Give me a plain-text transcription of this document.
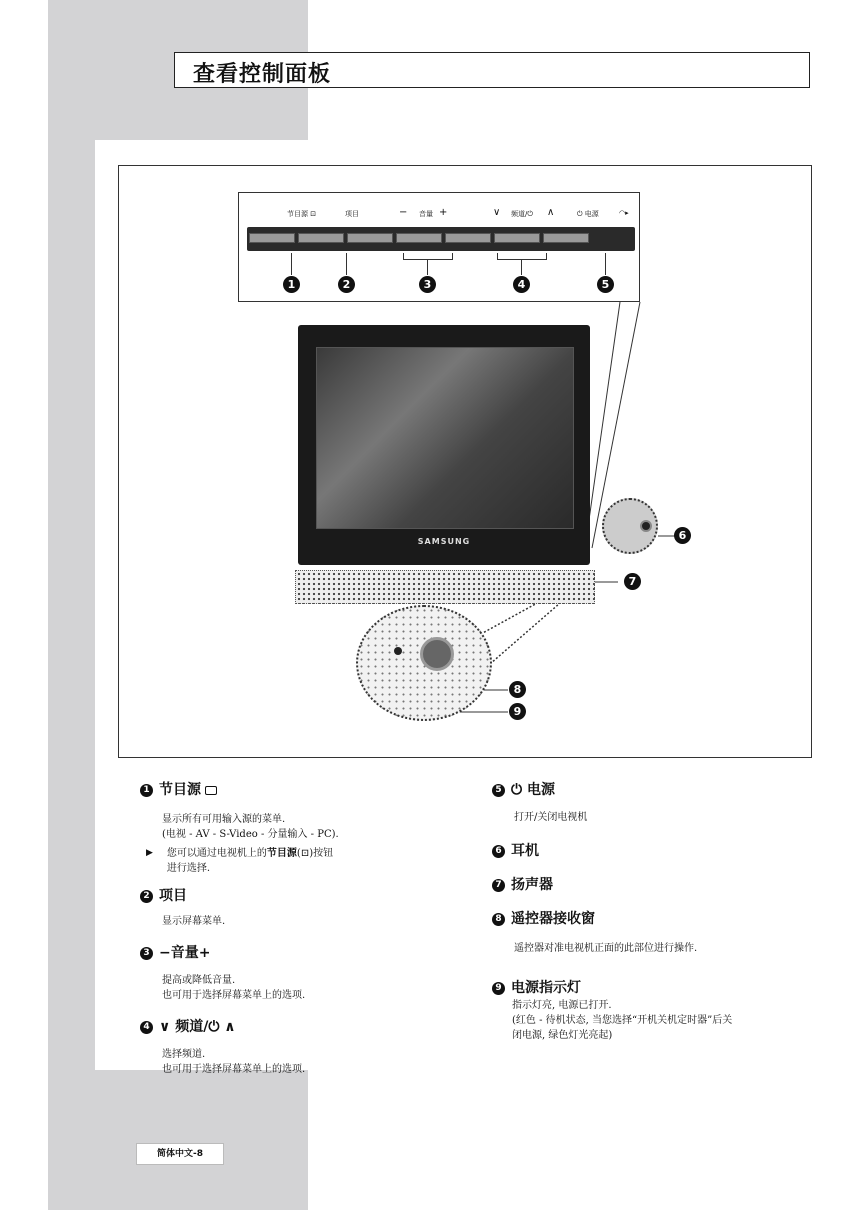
查看控制面板
节目源 ⊡	项目	− 音量 +	∨ 频道/⏻ ∧	⏻ 电源	◠▸
1	2	3	4	5
SAMSUNG	6
7
8
9
1 节目源

显示所有可用输入源的菜单.

(电视 - AV - S-Video - 分量输入 - PC).

▶ 您可以通过电视机上的节目源(⊡)按钮
进行选择.
2 项目

显示屏幕菜单.

3 −音量+

提高或降低音量.

也可用于选择屏幕菜单上的选项.

4 ∨ 频道/⏻ ∧

选择频道.

也可用于选择屏幕菜单上的选项.

5 ⏻ 电源

打开/关闭电视机

6 耳机
7 扬声器
8 遥控器接收窗

遥控器对准电视机正面的此部位进行操作.

9 电源指示灯

指示灯亮, 电源已打开.

(红色 - 待机状态, 当您选择“开机关机定时器”后关

闭电源, 绿色灯光亮起)

简体中文-8
